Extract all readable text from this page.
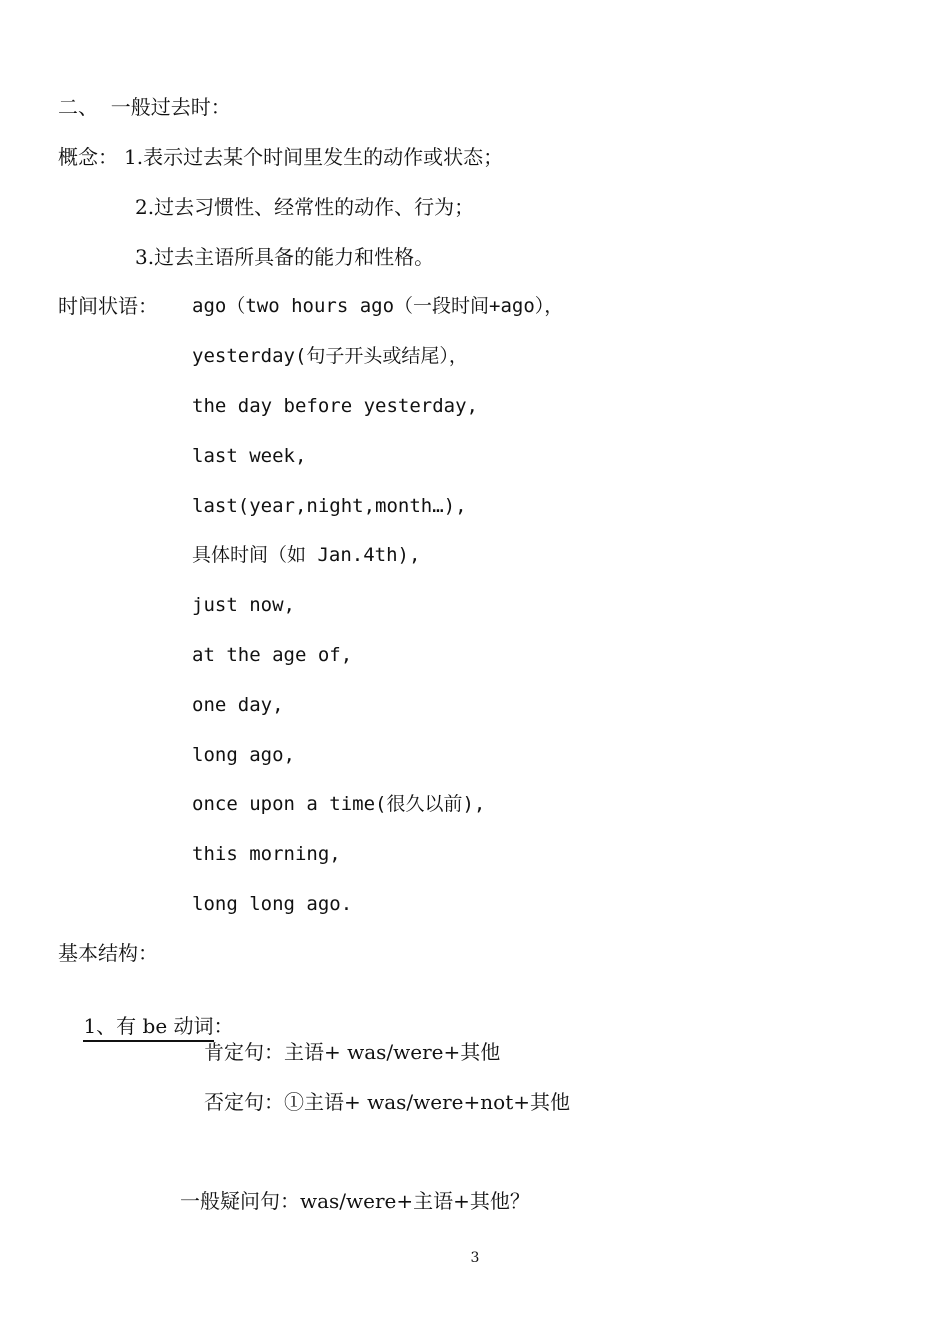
二、  一般过去时：
概念： 1.表示过去某个时间里发生的动作或状态；
2.过去习惯性、经常性的动作、行为；
3.过去主语所具备的能力和性格。
时间状语： ago（two hours ago（一段时间+ago），
yesterday(句子开头或结尾），
the day before yesterday,
last week,
last(year,night,month…),
具体时间（如 Jan.4th),
just now,
at the age of,
one day,
long ago,
once upon a time(很久以前),
this morning,
long long ago.
基本结构：

1、有 be 动词：

肯定句：主语+ was/were+其他
否定句：①主语+ was/were+not+其他
一般疑问句：was/were+主语+其他？
3
